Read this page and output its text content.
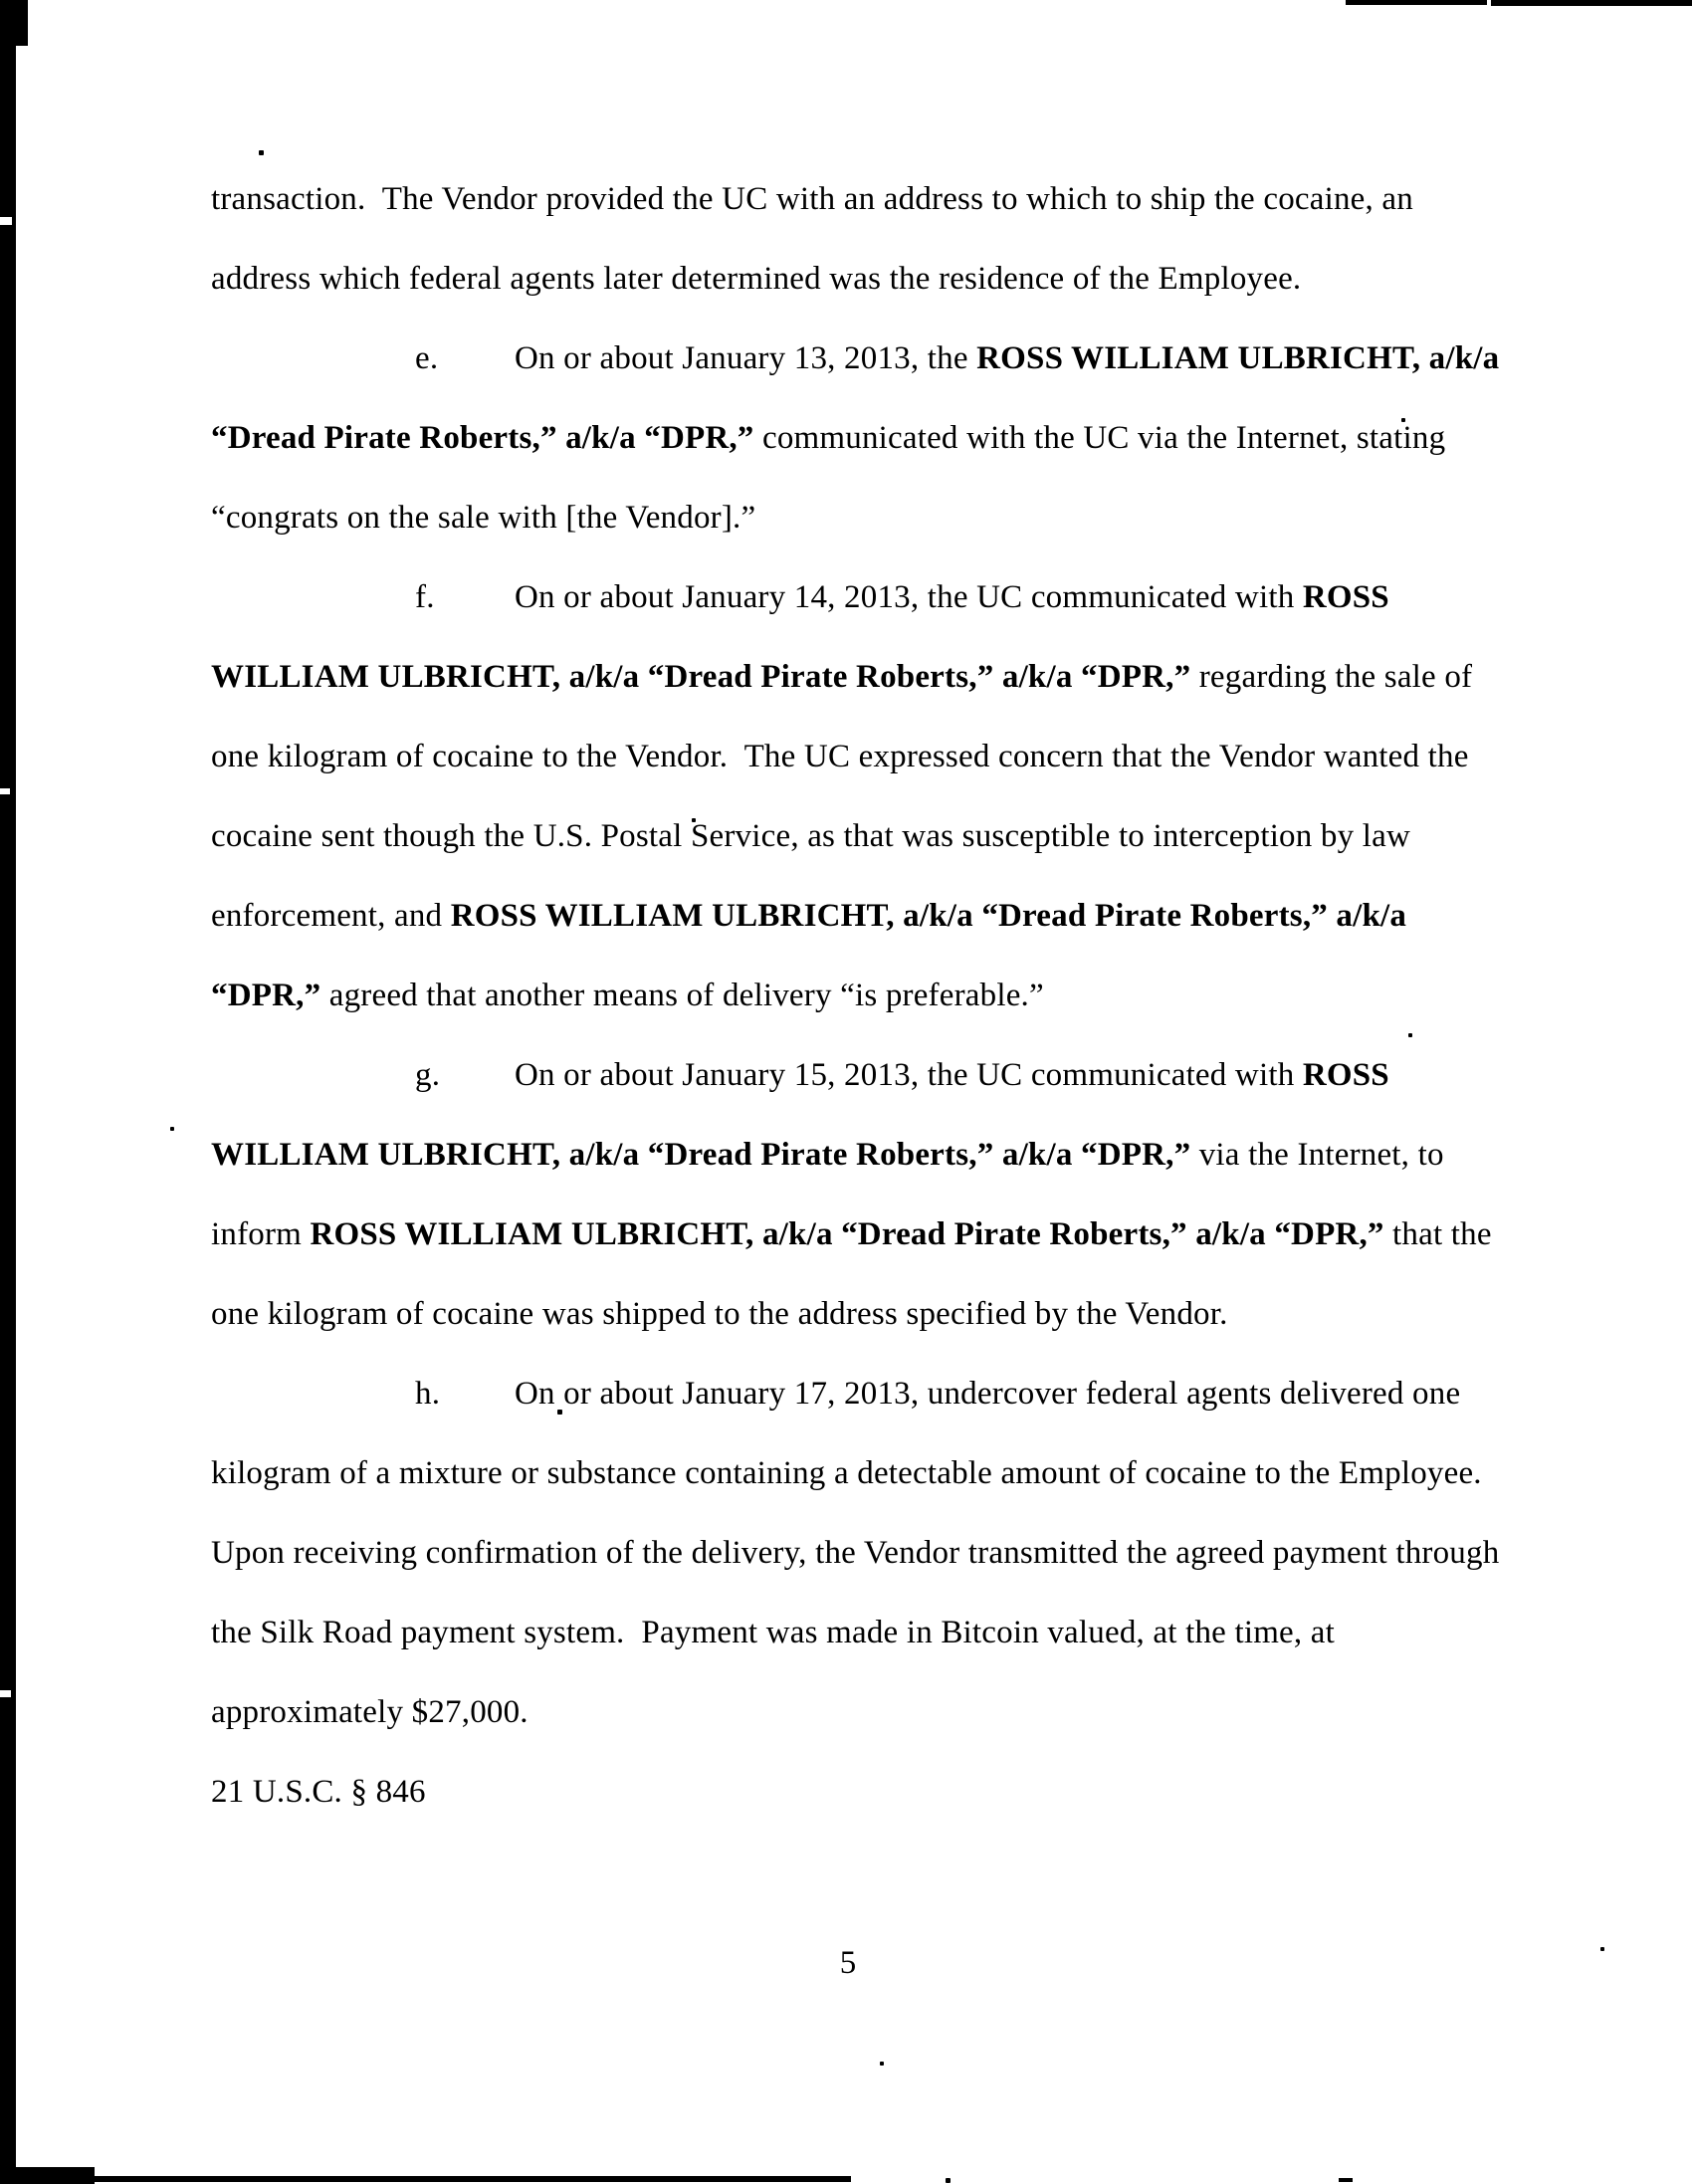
transaction.  The Vendor provided the UC with an address to which to ship the cocaine, an
address which federal agents later determined was the residence of the Employee.
e. On or about January 13, 2013, the ROSS WILLIAM ULBRICHT, a/k/a
“Dread Pirate Roberts,” a/k/a “DPR,” communicated with the UC via the Internet, stating
“congrats on the sale with [the Vendor].”
f. On or about January 14, 2013, the UC communicated with ROSS
WILLIAM ULBRICHT, a/k/a “Dread Pirate Roberts,” a/k/a “DPR,” regarding the sale of
one kilogram of cocaine to the Vendor.  The UC expressed concern that the Vendor wanted the
cocaine sent though the U.S. Postal Service, as that was susceptible to interception by law
enforcement, and ROSS WILLIAM ULBRICHT, a/k/a “Dread Pirate Roberts,” a/k/a
“DPR,” agreed that another means of delivery “is preferable.”
g. On or about January 15, 2013, the UC communicated with ROSS
WILLIAM ULBRICHT, a/k/a “Dread Pirate Roberts,” a/k/a “DPR,” via the Internet, to
inform ROSS WILLIAM ULBRICHT, a/k/a “Dread Pirate Roberts,” a/k/a “DPR,” that the
one kilogram of cocaine was shipped to the address specified by the Vendor.
h. On or about January 17, 2013, undercover federal agents delivered one
kilogram of a mixture or substance containing a detectable amount of cocaine to the Employee.
Upon receiving confirmation of the delivery, the Vendor transmitted the agreed payment through
the Silk Road payment system.  Payment was made in Bitcoin valued, at the time, at
approximately $27,000.
21 U.S.C. § 846
5
